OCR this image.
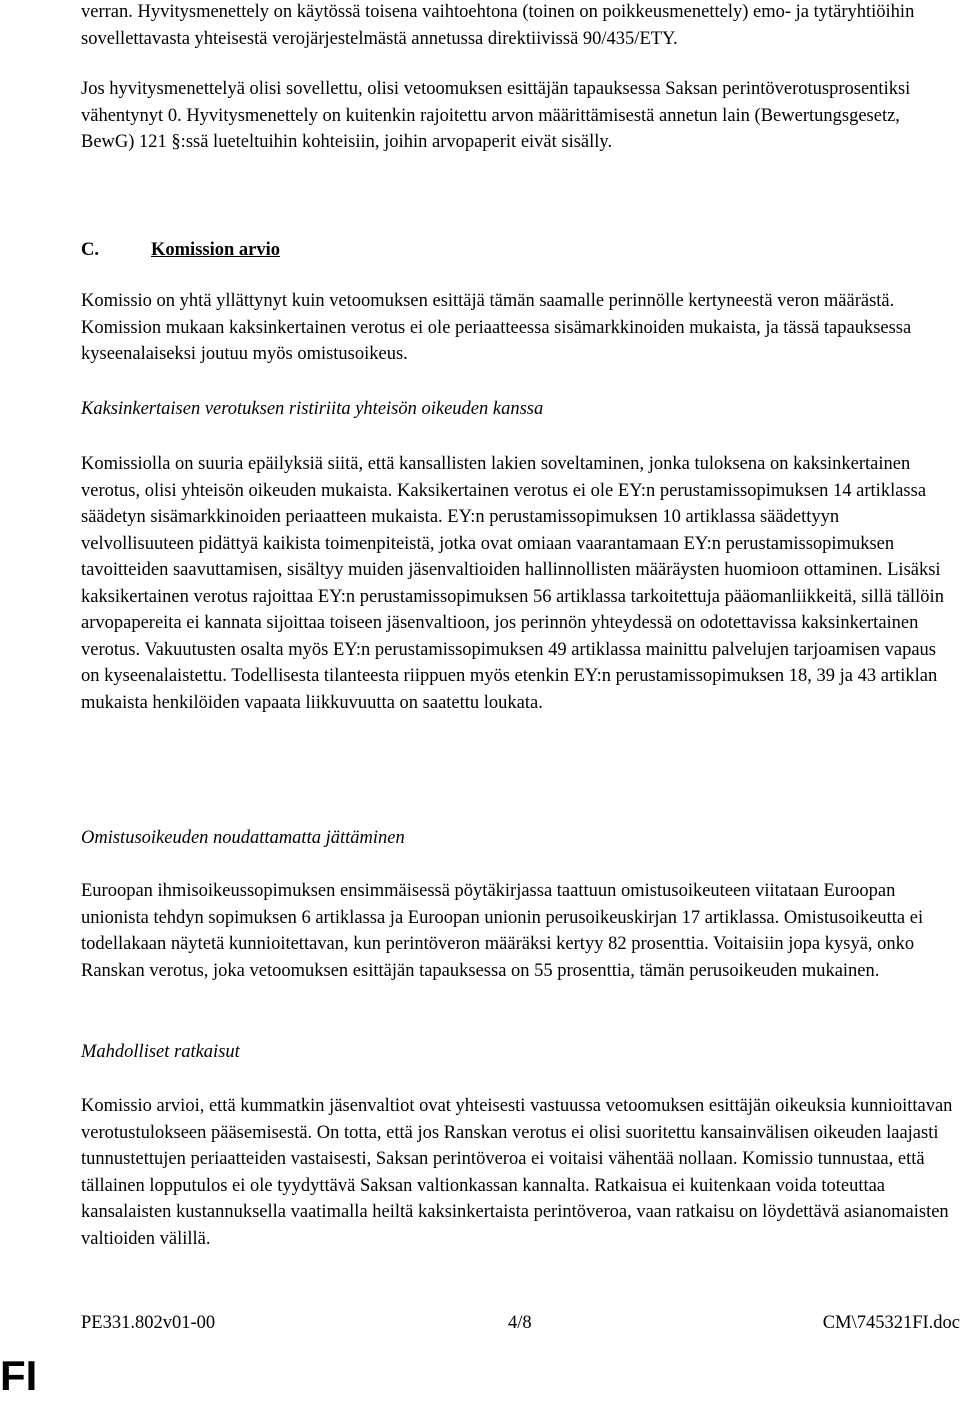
verran. Hyvitysmenettely on käytössä toisena vaihtoehtona (toinen on poikkeusmenettely) emo- ja tytäryhtiöihin sovellettavasta yhteisestä verojärjestelmästä annetussa direktiivissä 90/435/ETY.

Jos hyvitysmenettelyä olisi sovellettu, olisi vetoomuksen esittäjän tapauksessa Saksan perintöverotusprosentiksi vähentynyt 0. Hyvitysmenettely on kuitenkin rajoitettu arvon määrittämisestä annetun lain (Bewertungsgesetz, BewG) 121 §:ssä lueteltuihin kohteisiin, joihin arvopaperit eivät sisälly.

C.	Komission arvio

Komissio on yhtä yllättynyt kuin vetoomuksen esittäjä tämän saamalle perinnölle kertyneestä veron määrästä. Komission mukaan kaksinkertainen verotus ei ole periaatteessa sisämarkkinoiden mukaista, ja tässä tapauksessa kyseenalaiseksi joutuu myös omistusoikeus.

Kaksinkertaisen verotuksen ristiriita yhteisön oikeuden kanssa

Komissiolla on suuria epäilyksiä siitä, että kansallisten lakien soveltaminen, jonka tuloksena on kaksinkertainen verotus, olisi yhteisön oikeuden mukaista. Kaksikertainen verotus ei ole EY:n perustamissopimuksen 14 artiklassa säädetyn sisämarkkinoiden periaatteen mukaista. EY:n perustamissopimuksen 10 artiklassa säädettyyn velvollisuuteen pidättyä kaikista toimenpiteistä, jotka ovat omiaan vaarantamaan EY:n perustamissopimuksen tavoitteiden saavuttamisen, sisältyy muiden jäsenvaltioiden hallinnollisten määräysten huomioon ottaminen. Lisäksi kaksikertainen verotus rajoittaa EY:n perustamissopimuksen 56 artiklassa tarkoitettuja pääomanliikkeitä, sillä tällöin arvopapereita ei kannata sijoittaa toiseen jäsenvaltioon, jos perinnön yhteydessä on odotettavissa kaksinkertainen verotus. Vakuutusten osalta myös EY:n perustamissopimuksen 49 artiklassa mainittu palvelujen tarjoamisen vapaus on kyseenalaistettu. Todellisesta tilanteesta riippuen myös etenkin EY:n perustamissopimuksen 18, 39 ja 43 artiklan mukaista henkilöiden vapaata liikkuvuutta on saatettu loukata.

Omistusoikeuden noudattamatta jättäminen

Euroopan ihmisoikeussopimuksen ensimmäisessä pöytäkirjassa taattuun omistusoikeuteen viitataan Euroopan unionista tehdyn sopimuksen 6 artiklassa ja Euroopan unionin perusoikeuskirjan 17 artiklassa. Omistusoikeutta ei todellakaan näytetä kunnioitettavan, kun perintöveron määräksi kertyy 82 prosenttia. Voitaisiin jopa kysyä, onko Ranskan verotus, joka vetoomuksen esittäjän tapauksessa on 55 prosenttia, tämän perusoikeuden mukainen.

Mahdolliset ratkaisut

Komissio arvioi, että kummatkin jäsenvaltiot ovat yhteisesti vastuussa vetoomuksen esittäjän oikeuksia kunnioittavan verotustulokseen pääsemisestä. On totta, että jos Ranskan verotus ei olisi suoritettu kansainvälisen oikeuden laajasti tunnustettujen periaatteiden vastaisesti, Saksan perintöveroa ei voitaisi vähentää nollaan. Komissio tunnustaa, että tällainen lopputulos ei ole tyydyttävä Saksan valtionkassan kannalta. Ratkaisua ei kuitenkaan voida toteuttaa kansalaisten kustannuksella vaatimalla heiltä kaksinkertaista perintöveroa, vaan ratkaisu on löydettävä asianomaisten valtioiden välillä.

PE331.802v01-00	4/8	CM\745321FI.doc
FI
